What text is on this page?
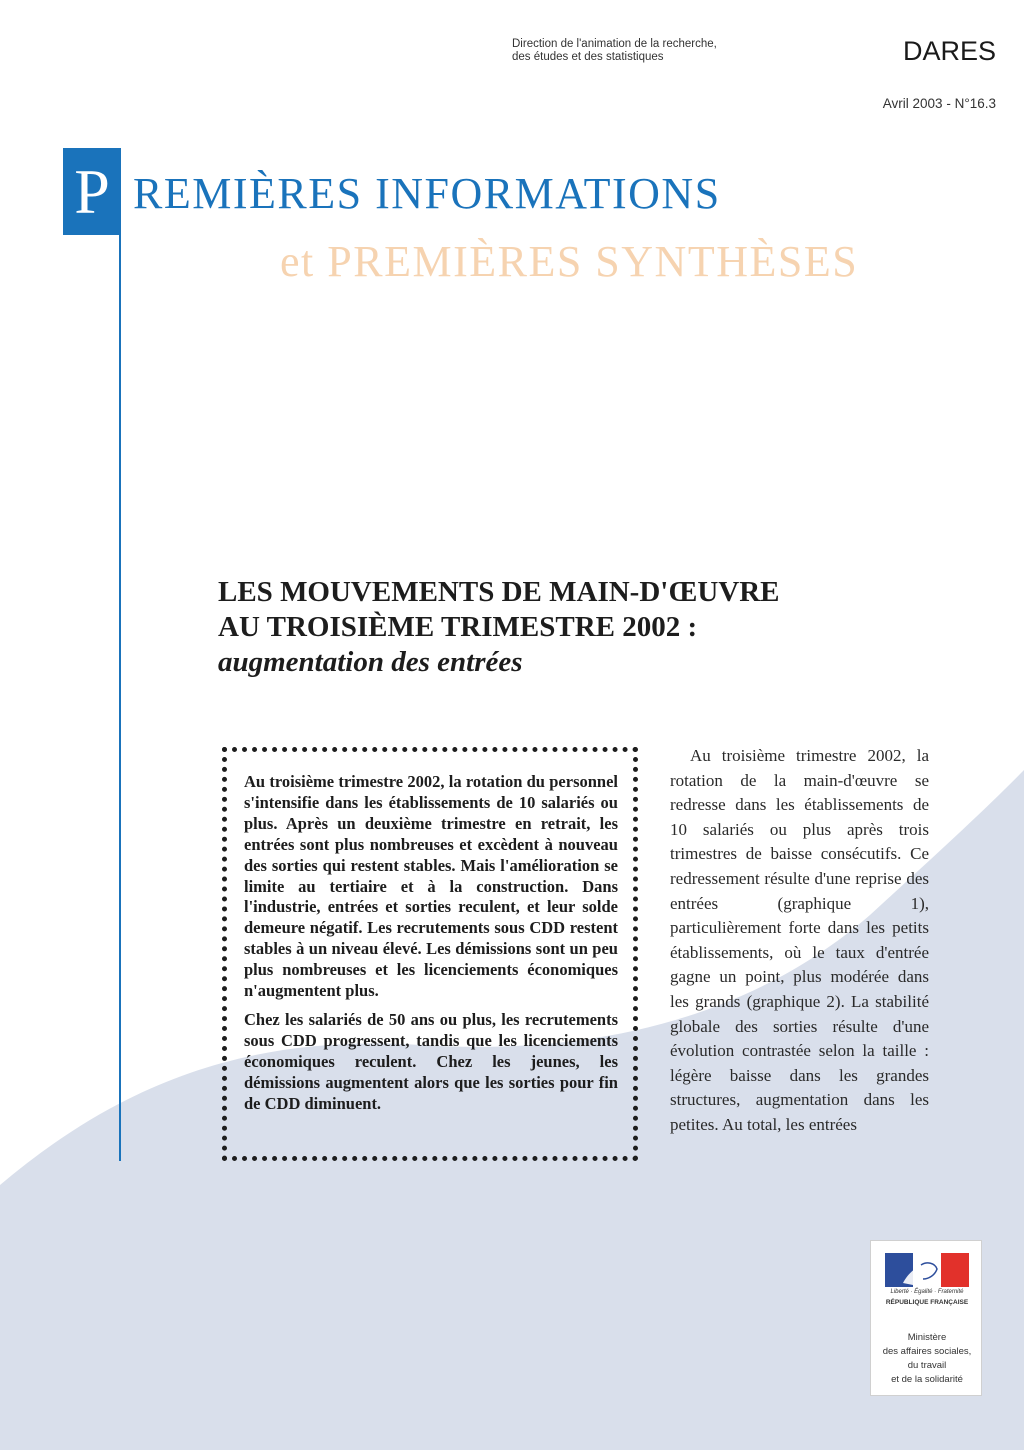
Direction de l'animation de la recherche,
des études et des statistiques	DARES
Avril 2003 - N°16.3
P REMIÈRES INFORMATIONS
et PREMIÈRES SYNTHÈSES
LES MOUVEMENTS DE MAIN-D'ŒUVRE
AU TROISIÈME TRIMESTRE 2002 :
augmentation des entrées

Au troisième trimestre 2002, la rotation du personnel s'intensifie dans les établissements de 10 salariés ou plus. Après un deuxième trimestre en retrait, les entrées sont plus nombreuses et excèdent à nouveau des sorties qui restent stables. Mais l'amélioration se limite au tertiaire et à la construction. Dans l'industrie, entrées et sorties reculent, et leur solde demeure négatif. Les recrutements sous CDD restent stables à un niveau élevé. Les démissions sont un peu plus nombreuses et les licenciements économiques n'augmentent plus.

Chez les salariés de 50 ans ou plus, les recrutements sous CDD progressent, tandis que les licenciements économiques reculent. Chez les jeunes, les démissions augmentent alors que les sorties pour fin de CDD diminuent.

Au troisième trimestre 2002, la rotation de la main-d'œuvre se redresse dans les établissements de 10 salariés ou plus après trois trimestres de baisse consécutifs. Ce redressement résulte d'une reprise des entrées (graphique 1), particulièrement forte dans les petits établissements, où le taux d'entrée gagne un point, plus modérée dans les grands (graphique 2). La stabilité globale des sorties résulte d'une évolution contrastée selon la taille : légère baisse dans les grandes structures, augmentation dans les petites. Au total, les entrées

Liberté · Égalité · Fraternité
RÉPUBLIQUE FRANÇAISE
Ministère
des affaires sociales,
du travail
et de la solidarité
